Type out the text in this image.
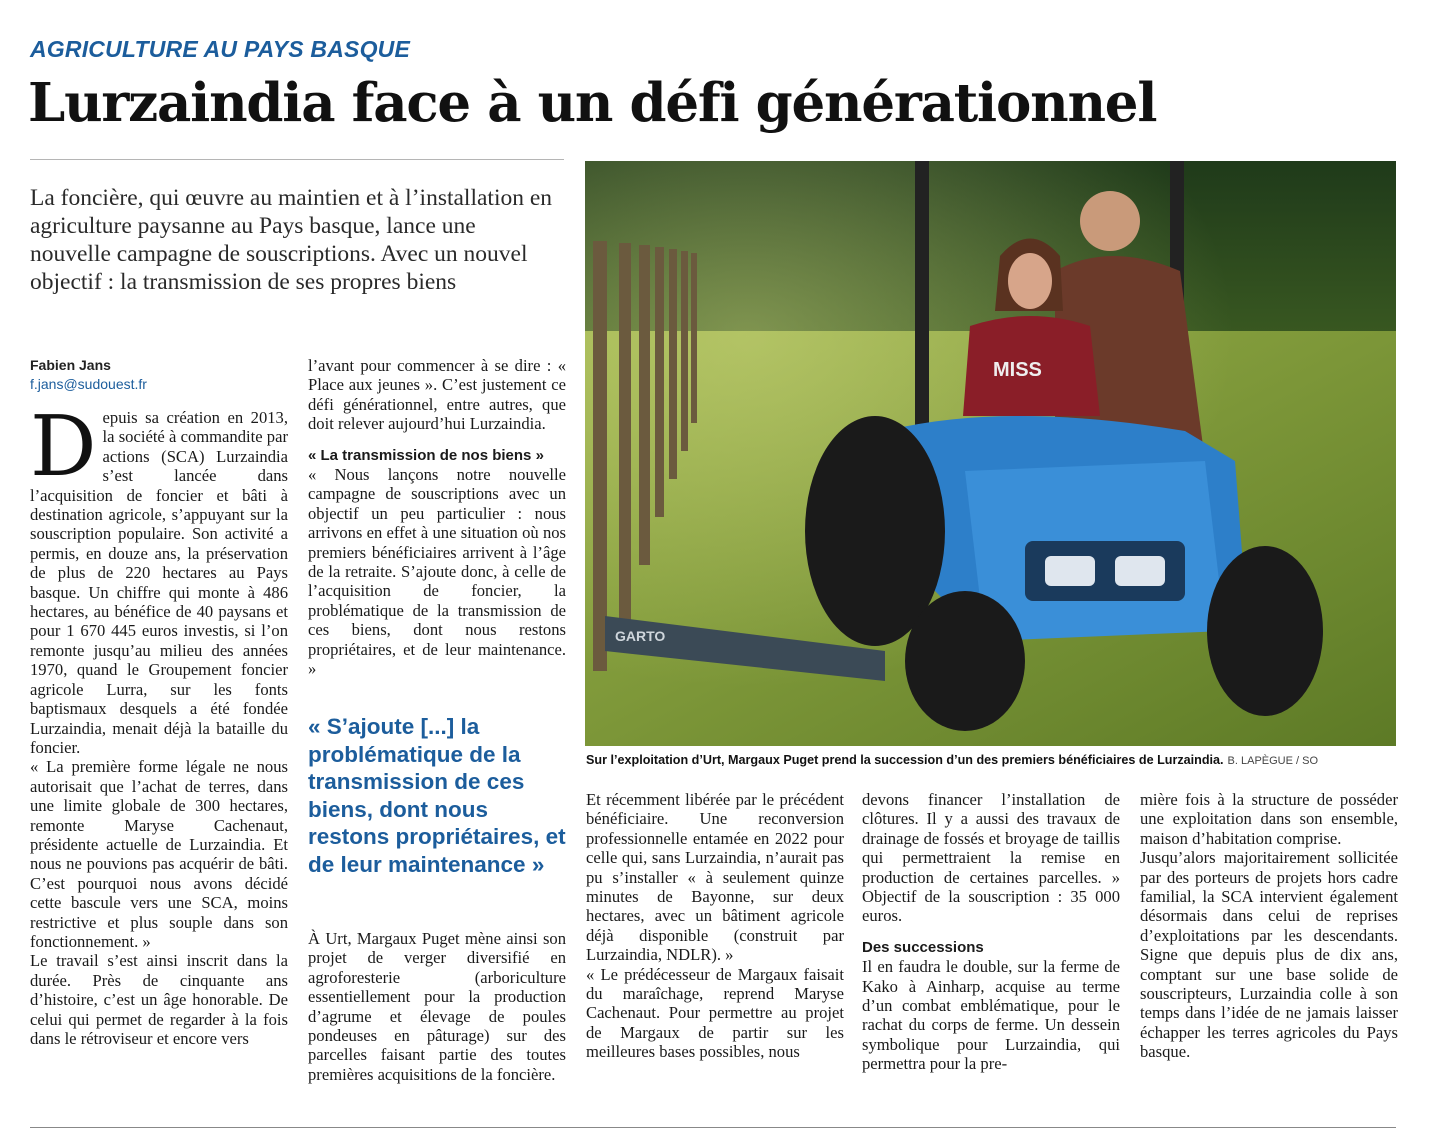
AGRICULTURE AU PAYS BASQUE
Lurzaindia face à un défi générationnel
La foncière, qui œuvre au maintien et à l’installation en agriculture paysanne au Pays basque, lance une nouvelle campagne de souscriptions. Avec un nouvel objectif : la transmission de ses propres biens
Fabien Jans
f.jans@sudouest.fr

Depuis sa création en 2013, la société à commandite par actions (SCA) Lurzaindia s’est lancée dans l’acquisition de foncier et bâti à destination agricole, s’appuyant sur la souscription populaire. Son activité a permis, en douze ans, la préservation de plus de 220 hectares au Pays basque. Un chiffre qui monte à 486 hectares, au bénéfice de 40 paysans et pour 1 670 445 euros investis, si l’on remonte jusqu’au milieu des années 1970, quand le Groupement foncier agricole Lurra, sur les fonts baptismaux desquels a été fondée Lurzaindia, menait déjà la bataille du foncier.

« La première forme légale ne nous autorisait que l’achat de terres, dans une limite globale de 300 hectares, remonte Maryse Cachenaut, présidente actuelle de Lurzaindia. Et nous ne pouvions pas acquérir de bâti. C’est pourquoi nous avons décidé cette bascule vers une SCA, moins restrictive et plus souple dans son fonctionnement. »

Le travail s’est ainsi inscrit dans la durée. Près de cinquante ans d’histoire, c’est un âge honorable. De celui qui permet de regarder à la fois dans le rétroviseur et encore vers

l’avant pour commencer à se dire : « Place aux jeunes ». C’est justement ce défi générationnel, entre autres, que doit relever aujourd’hui Lurzaindia.

« La transmission de nos biens »

« Nous lançons notre nouvelle campagne de souscriptions avec un objectif un peu particulier : nous arrivons en effet à une situation où nos premiers bénéficiaires arrivent à l’âge de la retraite. S’ajoute donc, à celle de l’acquisition de foncier, la problématique de la transmission de ces biens, dont nous restons propriétaires, et de leur maintenance. »

« S’ajoute [...] la problématique de la transmission de ces biens, dont nous restons propriétaires, et de leur maintenance »

À Urt, Margaux Puget mène ainsi son projet de verger diversifié en agroforesterie (arboriculture essentiellement pour la production d’agrume et élevage de poules pondeuses en pâturage) sur des parcelles faisant partie des toutes premières acquisitions de la foncière.

MISS
GARTO
Sur l’exploitation d’Urt, Margaux Puget prend la succession d’un des premiers bénéficiaires de Lurzaindia. B. LAPÈGUE / SO

Et récemment libérée par le précédent bénéficiaire. Une reconversion professionnelle entamée en 2022 pour celle qui, sans Lurzaindia, n’aurait pas pu s’installer « à seulement quinze minutes de Bayonne, sur deux hectares, avec un bâtiment agricole déjà disponible (construit par Lurzaindia, NDLR). »

« Le prédécesseur de Margaux faisait du maraîchage, reprend Maryse Cachenaut. Pour permettre au projet de Margaux de partir sur les meilleures bases possibles, nous

devons financer l’installation de clôtures. Il y a aussi des travaux de drainage de fossés et broyage de taillis qui permettraient la remise en production de certaines parcelles. » Objectif de la souscription : 35 000 euros.

Des successions

Il en faudra le double, sur la ferme de Kako à Ainharp, acquise au terme d’un combat emblématique, pour le rachat du corps de ferme. Un dessein symbolique pour Lurzaindia, qui permettra pour la pre-

mière fois à la structure de posséder une exploitation dans son ensemble, maison d’habitation comprise.

Jusqu’alors majoritairement sollicitée par des porteurs de projets hors cadre familial, la SCA intervient également désormais dans celui de reprises d’exploitations par les descendants. Signe que depuis plus de dix ans, comptant sur une base solide de souscripteurs, Lurzaindia colle à son temps dans l’idée de ne jamais laisser échapper les terres agricoles du Pays basque.
